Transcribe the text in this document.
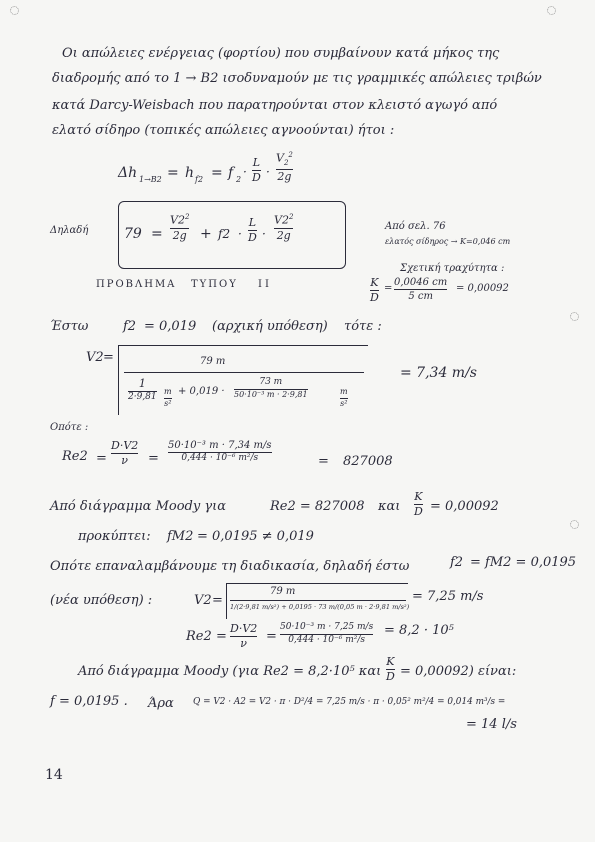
Οι απώλειες ενέργειας (φορτίου) που συμβαίνουν κατά μήκος της
διαδρομής από το 1 → Β2 ισοδυναμούν με τις γραμμικές απώλειες τριβών
κατά Darcy-Weisbach που παρατηρούνται στον κλειστό αγωγό από
ελατό σίδηρο (τοπικές απώλειες αγνοούνται) ήτοι :
Δh 1→Β2 = h f2 = f 2
·
L
D ·
$V_2^2$
2g
Δηλαδή	79 =
$V2^2$
2g + f2 ·
L
D ·
$V2^2$
2g
Από σελ. 76
ελατός σίδηρος → K=0,046 cm
Σχετική τραχύτητα :
K
D
=
0,0046 cm
5 cm
= 0,00092
ΠΡΟΒΛΗΜΑ ΤΥΠΟΥ ΙΙ
Έστω	f2 = 0,019 (αρχική υπόθεση) τότε :
V2 =	79 m
1
2·9,81
m
s²
+ 0,019 ·
73 m
50·10⁻³ m · 2·9,81	m
s²
= 7,34 m/s
Οπότε :
Re2 =
D·V2
ν =
50·10⁻³ m · 7,34 m/s
0,444 · 10⁻⁶ m²/s	= 827008
Από διάγραμμα Moody για	Re2 = 827008 και
K
D = 0,00092
προκύπτει: fM2 = 0,0195 ≠ 0,019
Οπότε επαναλαμβάνουμε τη διαδικασία, δηλαδή έστω	f2 = fM2 = 0,0195
(νέα υπόθεση) :	V2 =
79 m
1/(2·9,81 m/s²) + 0,0195 · 73 m/(0,05 m · 2·9,81 m/s²)
= 7,25 m/s
Re2 =
D·V2
ν =
50·10⁻³ m · 7,25 m/s
0,444 · 10⁻⁶ m²/s
= 8,2 · 10⁵
Από διάγραμμα Moody (για Re2 = 8,2·10⁵ και
K
D = 0,00092) είναι:
f = 0,0195 . Άρα Q = V2 · A2 = V2 · π · D²/4 = 7,25 m/s · π · 0,05² m²/4 = 0,014 m³/s =
= 14 l/s
14
